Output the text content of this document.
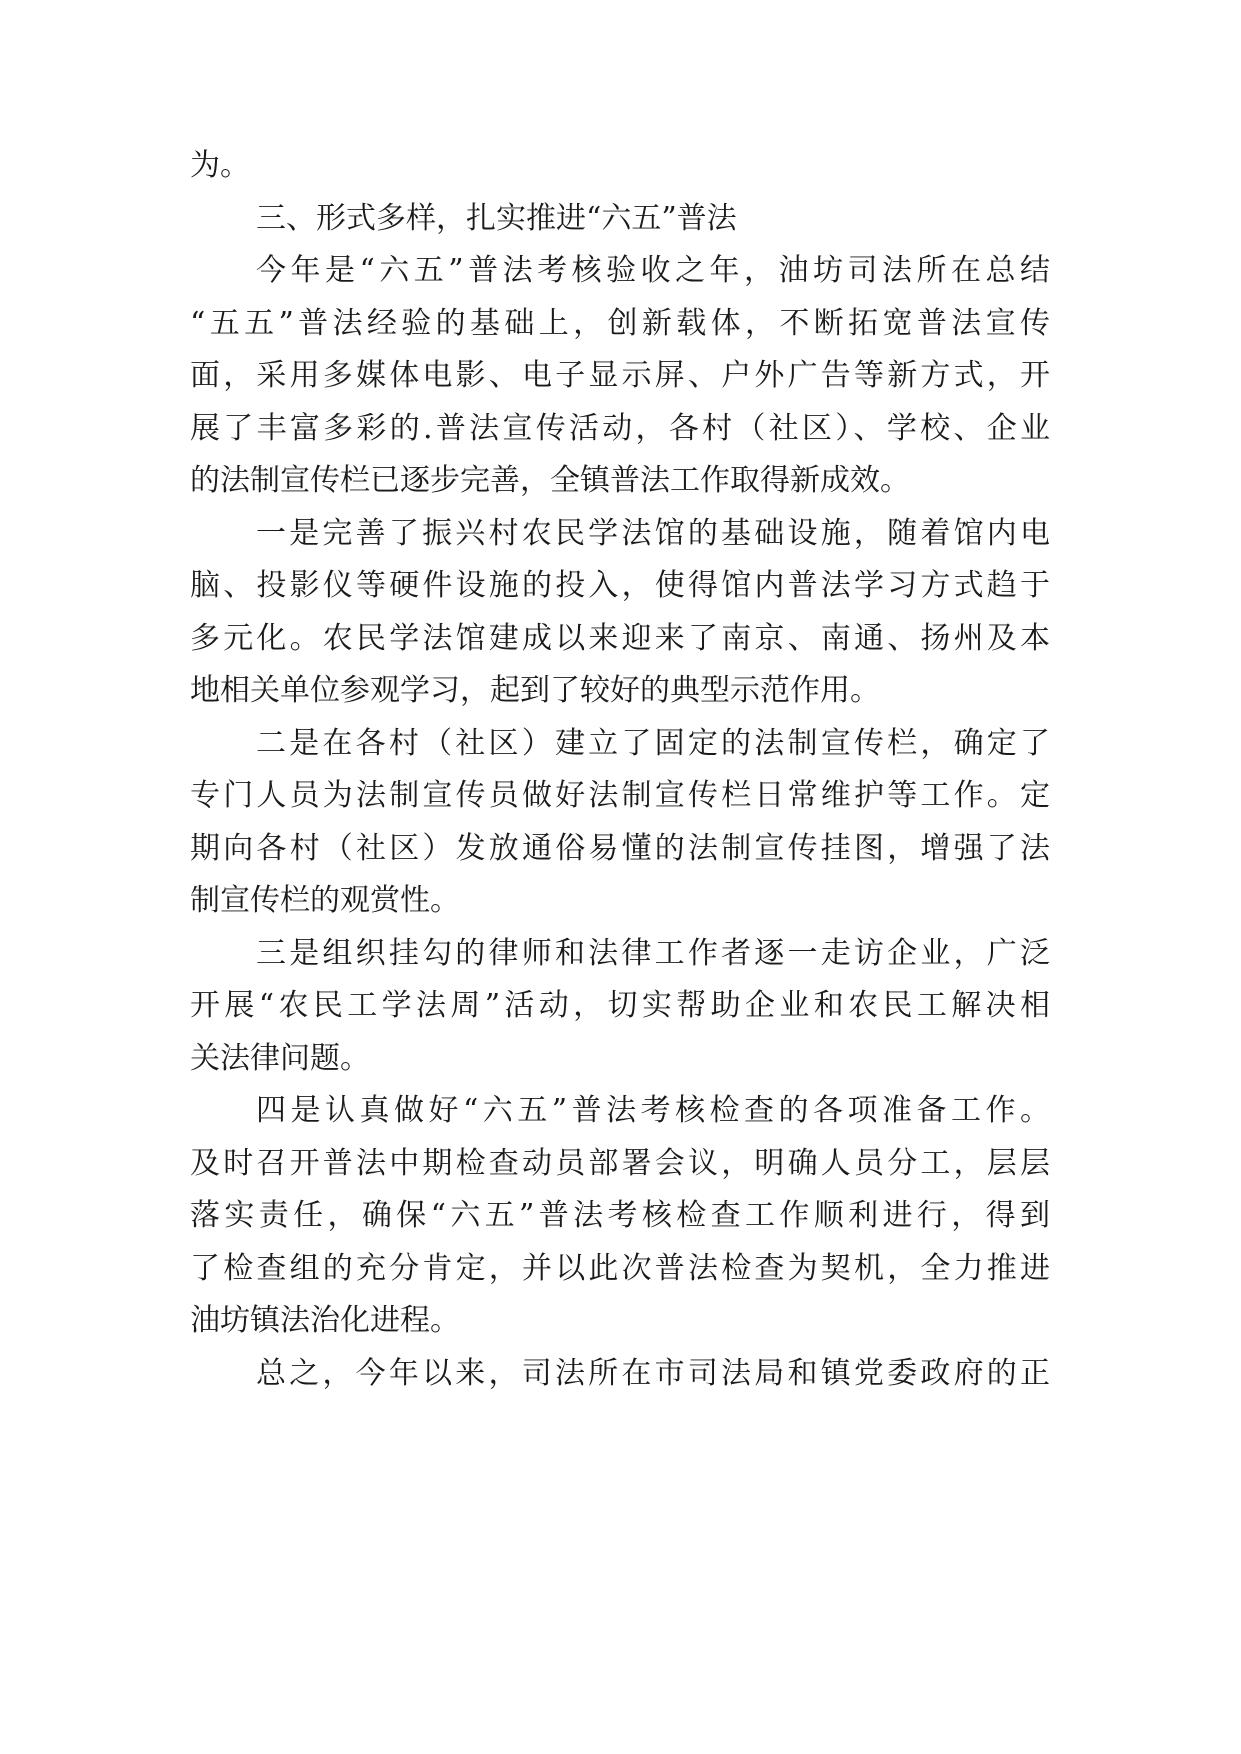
为。
三、形式多样，扎实推进“六五”普法
今年是“六五”普法考核验收之年，油坊司法所在总结
“五五”普法经验的基础上，创新载体，不断拓宽普法宣传
面，采用多媒体电影、电子显示屏、户外广告等新方式，开
展了丰富多彩的.普法宣传活动，各村（社区）、学校、企业
的法制宣传栏已逐步完善，全镇普法工作取得新成效。
一是完善了振兴村农民学法馆的基础设施，随着馆内电
脑、投影仪等硬件设施的投入，使得馆内普法学习方式趋于
多元化。农民学法馆建成以来迎来了南京、南通、扬州及本
地相关单位参观学习，起到了较好的典型示范作用。
二是在各村（社区）建立了固定的法制宣传栏，确定了
专门人员为法制宣传员做好法制宣传栏日常维护等工作。定
期向各村（社区）发放通俗易懂的法制宣传挂图，增强了法
制宣传栏的观赏性。
三是组织挂勾的律师和法律工作者逐一走访企业，广泛
开展“农民工学法周”活动，切实帮助企业和农民工解决相
关法律问题。
四是认真做好“六五”普法考核检查的各项准备工作。
及时召开普法中期检查动员部署会议，明确人员分工，层层
落实责任，确保“六五”普法考核检查工作顺利进行，得到
了检查组的充分肯定，并以此次普法检查为契机，全力推进
油坊镇法治化进程。
总之，今年以来，司法所在市司法局和镇党委政府的正
